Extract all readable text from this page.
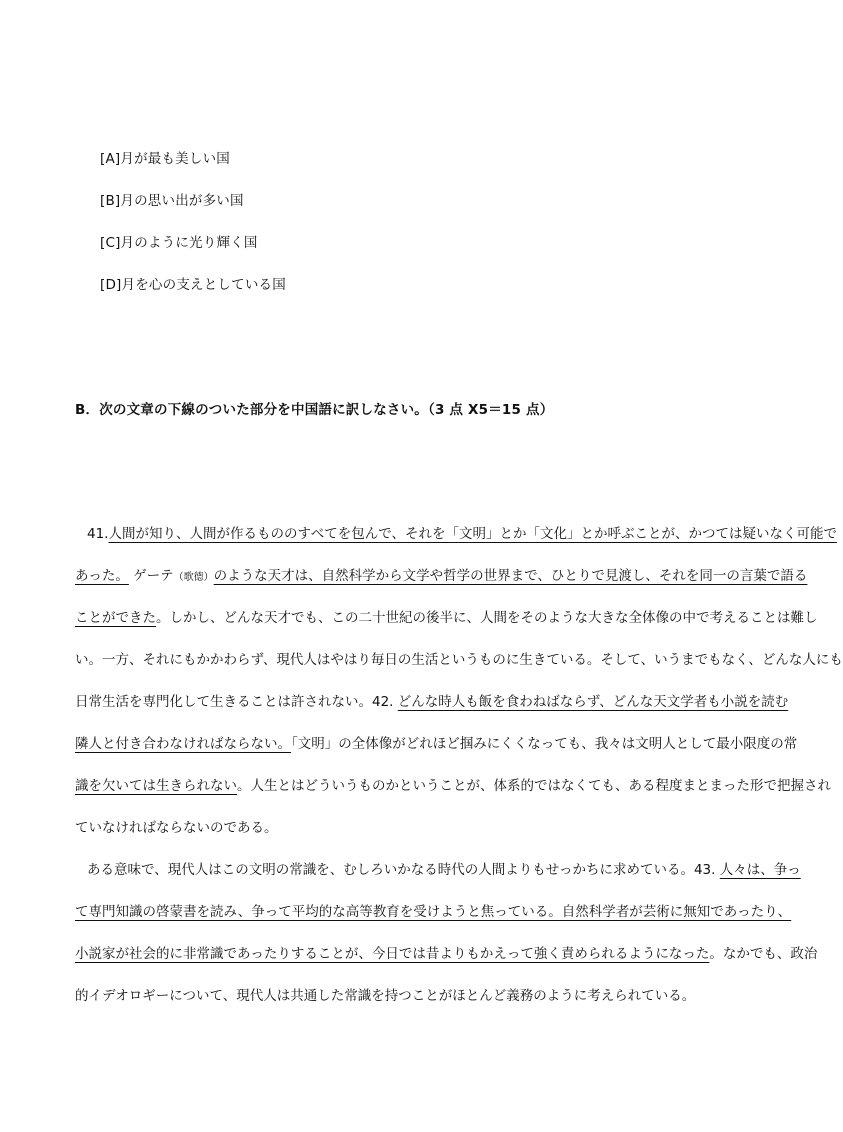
[A]月が最も美しい国
[B]月の思い出が多い国
[C]月のように光り輝く国
[D]月を心の支えとしている国
B．次の文章の下線のついた部分を中国語に訳しなさい。（3 点 X5＝15 点）
41.人間が知り、人間が作るもののすべてを包んで、それを「文明」とか「文化」とか呼ぶことが、かつては疑いなく可能で
あった。 ゲーテ（歌德）のような天才は、自然科学から文学や哲学の世界まで、ひとりで見渡し、それを同一の言葉で語る
ことができた。しかし、どんな天才でも、この二十世紀の後半に、人間をそのような大きな全体像の中で考えることは難し
い。一方、それにもかかわらず、現代人はやはり毎日の生活というものに生きている。そして、いうまでもなく、どんな人にも
日常生活を専門化して生きることは許されない。42. どんな時人も飯を食わねばならず、どんな天文学者も小説を読む
隣人と付き合わなければならない。「文明」の全体像がどれほど掴みにくくなっても、我々は文明人として最小限度の常
識を欠いては生きられない。人生とはどういうものかということが、体系的ではなくても、ある程度まとまった形で把握され
ていなければならないのである。
ある意味で、現代人はこの文明の常識を、むしろいかなる時代の人間よりもせっかちに求めている。43. 人々は、争っ
て専門知識の啓蒙書を読み、争って平均的な高等教育を受けようと焦っている。自然科学者が芸術に無知であったり、
小説家が社会的に非常識であったりすることが、今日では昔よりもかえって強く責められるようになった。なかでも、政治
的イデオロギーについて、現代人は共通した常識を持つことがほとんど義務のように考えられている。
